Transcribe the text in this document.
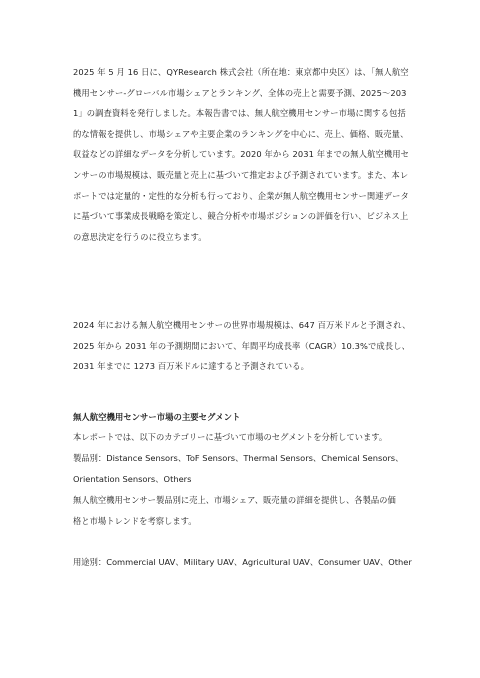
2025 年 5 月 16 日に、QYResearch 株式会社（所在地：東京都中央区）は、「無人航空機用センサー‐グローバル市場シェアとランキング、全体の売上と需要予測、2025～2031」の調査資料を発行しました。本報告書では、無人航空機用センサー市場に関する包括的な情報を提供し、市場シェアや主要企業のランキングを中心に、売上、価格、販売量、収益などの詳細なデータを分析しています。2020 年から 2031 年までの無人航空機用センサーの市場規模は、販売量と売上に基づいて推定および予測されています。また、本レポートでは定量的・定性的な分析も行っており、企業が無人航空機用センサー関連データに基づいて事業成長戦略を策定し、競合分析や市場ポジションの評価を行い、ビジネス上の意思決定を行うのに役立ちます。

2024 年における無人航空機用センサーの世界市場規模は、647 百万米ドルと予測され、2025 年から 2031 年の予測期間において、年間平均成長率（CAGR）10.3%で成長し、2031 年までに 1273 百万米ドルに達すると予測されている。

無人航空機用センサー市場の主要セグメント

本レポートでは、以下のカテゴリーに基づいて市場のセグメントを分析しています。

製品別：Distance Sensors、ToF Sensors、Thermal Sensors、Chemical Sensors、

Orientation Sensors、Others

無人航空機用センサー製品別に売上、市場シェア、販売量の詳細を提供し、各製品の価

格と市場トレンドを考察します。

用途別：Commercial UAV、Military UAV、Agricultural UAV、Consumer UAV、Other
